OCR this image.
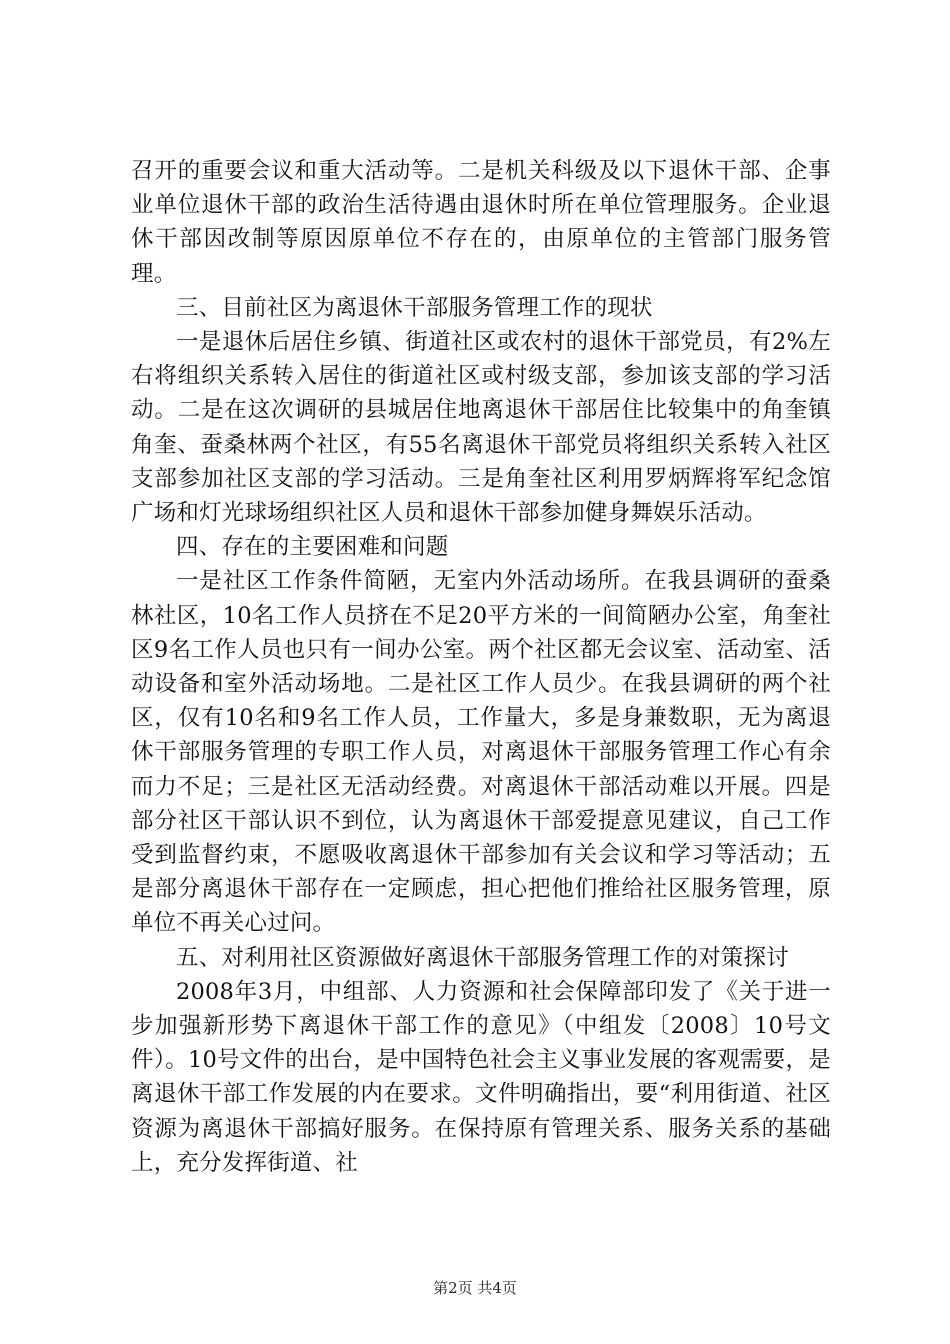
召开的重要会议和重大活动等。二是机关科级及以下退休干部、企事业单位退休干部的政治生活待遇由退休时所在单位管理服务。企业退休干部因改制等原因原单位不存在的，由原单位的主管部门服务管理。

三、目前社区为离退休干部服务管理工作的现状

一是退休后居住乡镇、街道社区或农村的退休干部党员，有2%左右将组织关系转入居住的街道社区或村级支部，参加该支部的学习活动。二是在这次调研的县城居住地离退休干部居住比较集中的角奎镇角奎、蚕桑林两个社区，有55名离退休干部党员将组织关系转入社区支部参加社区支部的学习活动。三是角奎社区利用罗炳辉将军纪念馆广场和灯光球场组织社区人员和退休干部参加健身舞娱乐活动。

四、存在的主要困难和问题

一是社区工作条件简陋，无室内外活动场所。在我县调研的蚕桑林社区，10名工作人员挤在不足20平方米的一间简陋办公室，角奎社区9名工作人员也只有一间办公室。两个社区都无会议室、活动室、活动设备和室外活动场地。二是社区工作人员少。在我县调研的两个社区，仅有10名和9名工作人员，工作量大，多是身兼数职，无为离退休干部服务管理的专职工作人员，对离退休干部服务管理工作心有余而力不足；三是社区无活动经费。对离退休干部活动难以开展。四是部分社区干部认识不到位，认为离退休干部爱提意见建议，自己工作受到监督约束，不愿吸收离退休干部参加有关会议和学习等活动；五是部分离退休干部存在一定顾虑，担心把他们推给社区服务管理，原单位不再关心过问。

五、对利用社区资源做好离退休干部服务管理工作的对策探讨

2008年3月，中组部、人力资源和社会保障部印发了《关于进一步加强新形势下离退休干部工作的意见》（中组发〔2008〕10号文件）。10号文件的出台，是中国特色社会主义事业发展的客观需要，是离退休干部工作发展的内在要求。文件明确指出，要“利用街道、社区资源为离退休干部搞好服务。在保持原有管理关系、服务关系的基础上，充分发挥街道、社

第2页 共4页
